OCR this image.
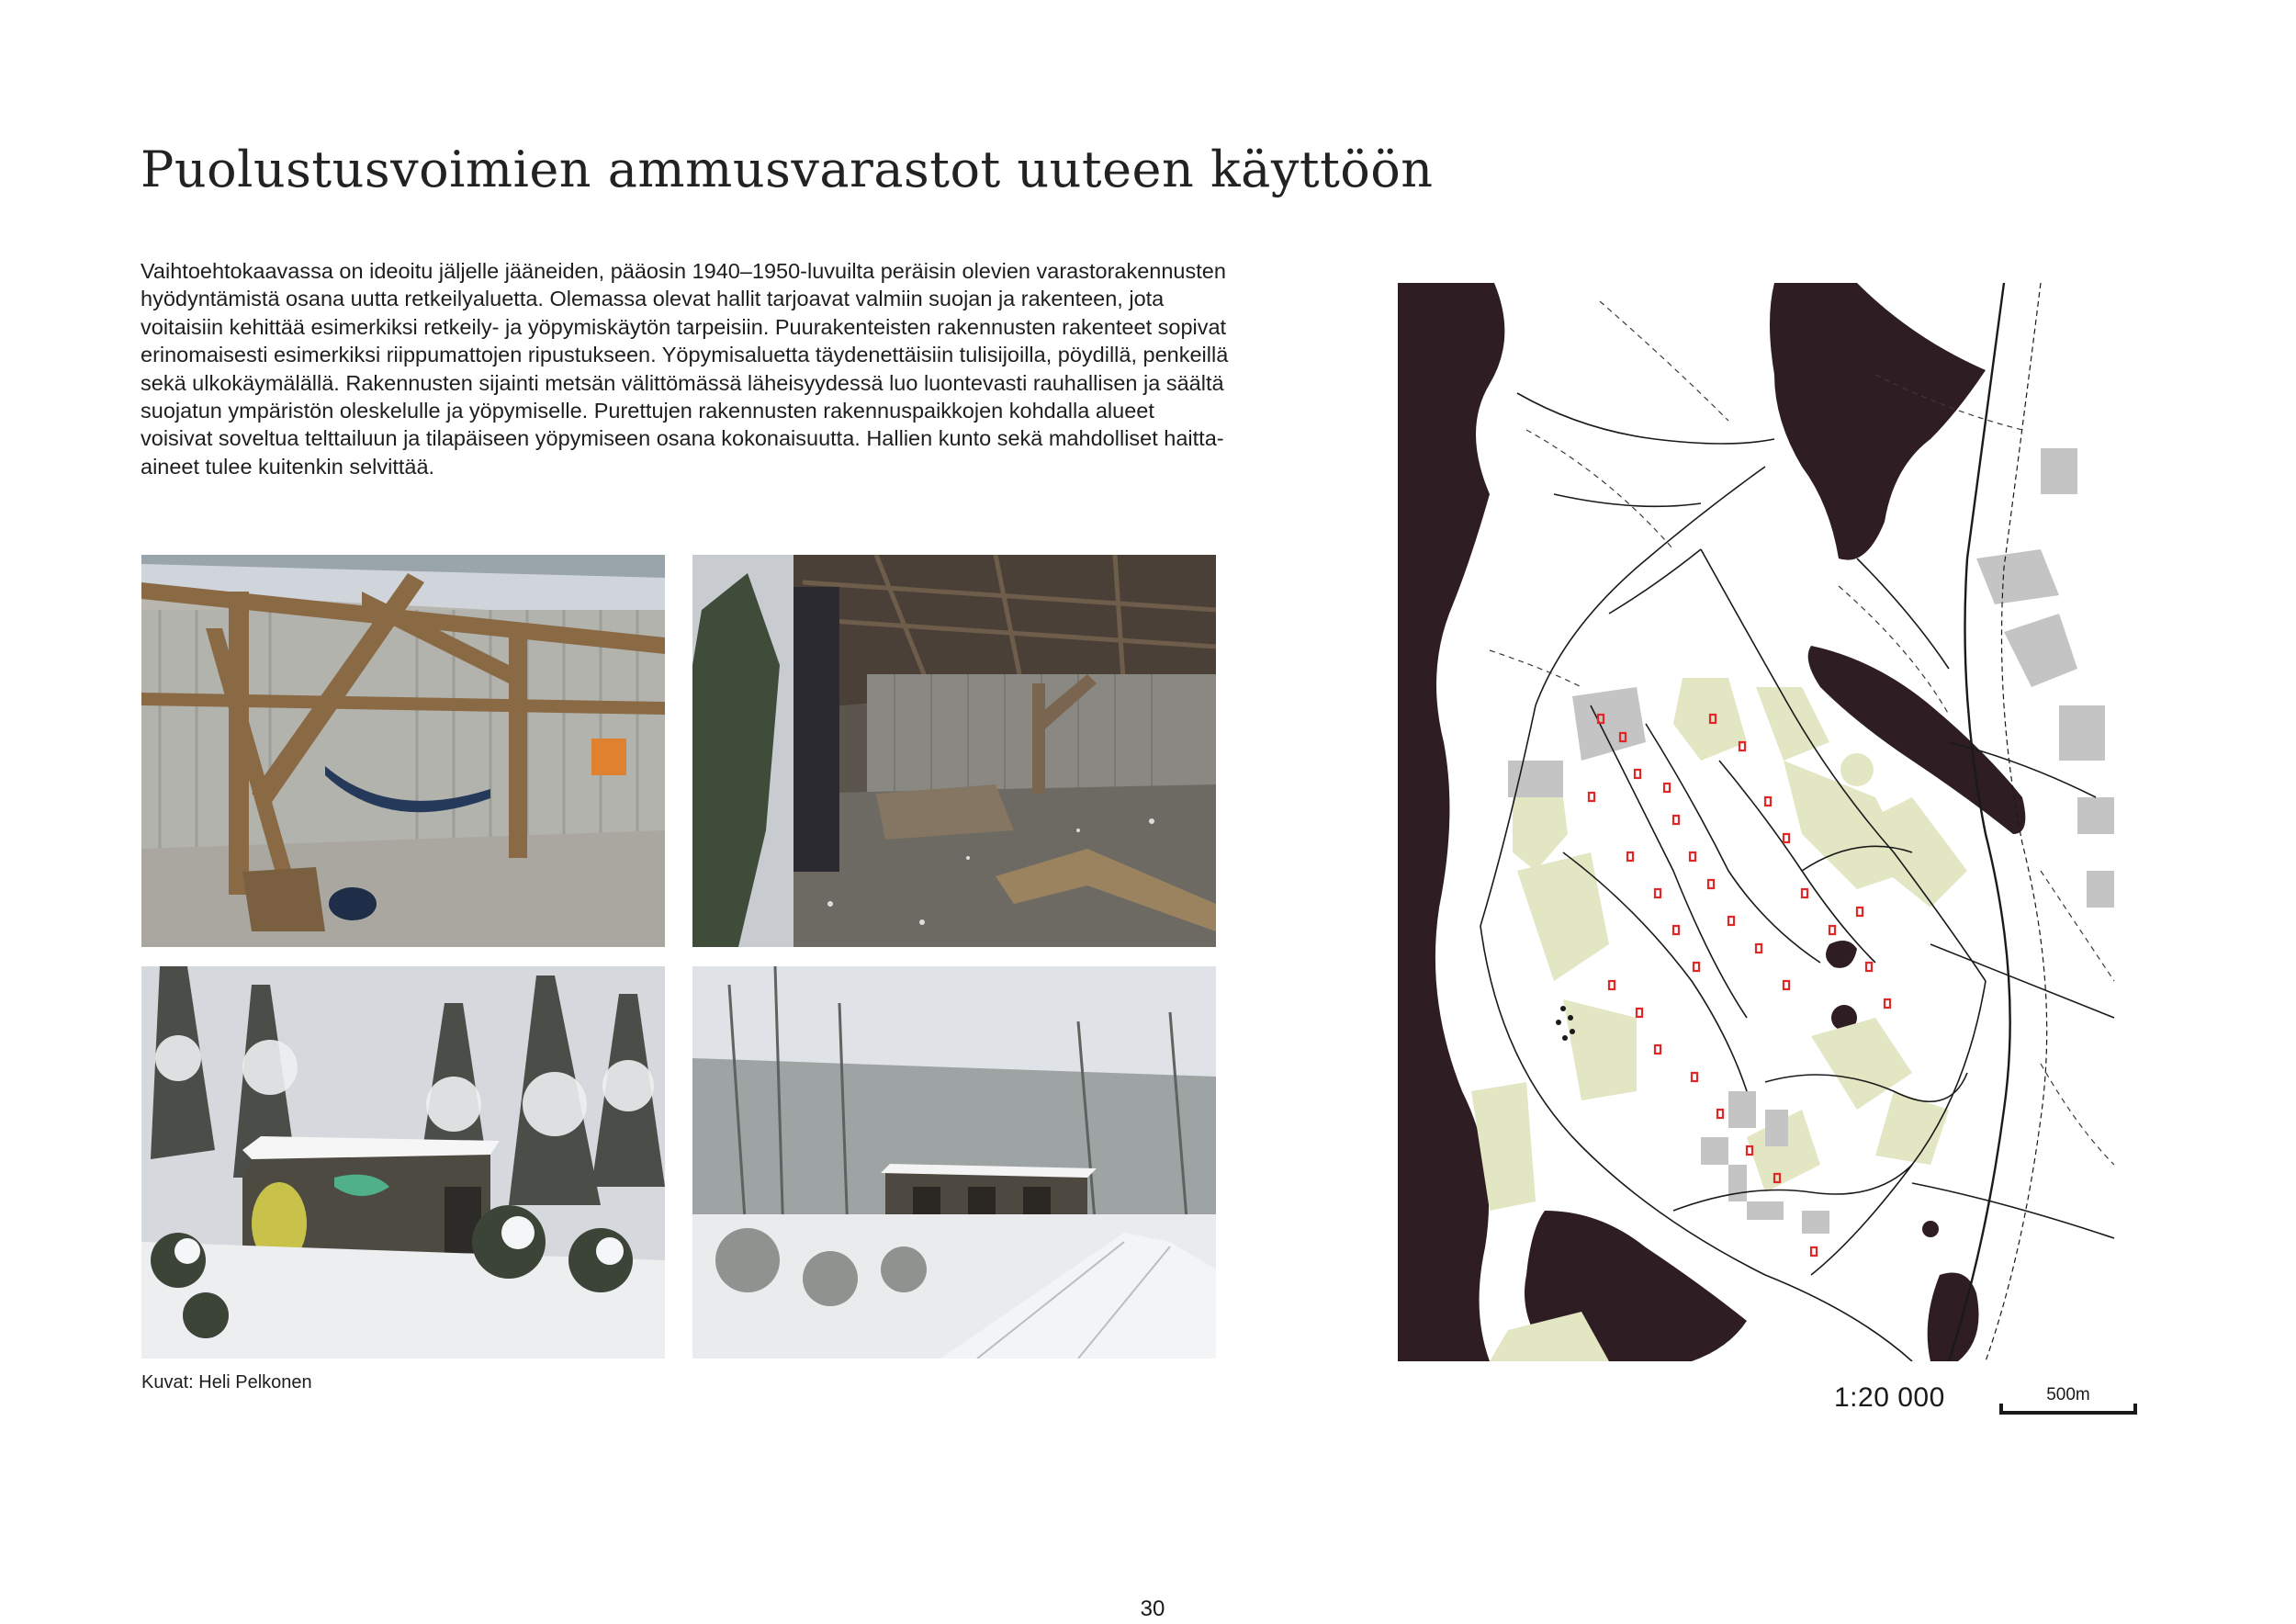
Puolustusvoimien ammusvarastot uuteen käyttöön

Vaihtoehtokaavassa on ideoitu jäljelle jääneiden, pääosin 1940–1950-luvuilta peräisin olevien varastorakennusten hyödyntämistä osana uutta retkeilyaluetta. Olemassa olevat hallit tarjoavat valmiin suojan ja rakenteen, jota voitaisiin kehittää esimerkiksi retkeily- ja yöpymiskäytön tarpeisiin. Puurakenteisten rakennusten rakenteet sopivat erinomaisesti esimerkiksi riippumattojen ripustukseen. Yöpymisaluetta täydenettäisiin tulisijoilla, pöydillä, penkeillä sekä ulkokäymälällä. Rakennusten sijainti metsän välittömässä läheisyydessä luo luontevasti rauhallisen ja säältä suojatun ympäristön oleskelulle ja yöpymiselle. Purettujen rakennusten rakennuspaikkojen kohdalla alueet voisivat soveltua telttailuun ja tilapäiseen yöpymiseen osana kokonaisuutta. Hallien kunto sekä mahdolliset haitta-aineet tulee kuitenkin selvittää.

Kuvat: Heli Pelkonen	1:20 000	500m
30
